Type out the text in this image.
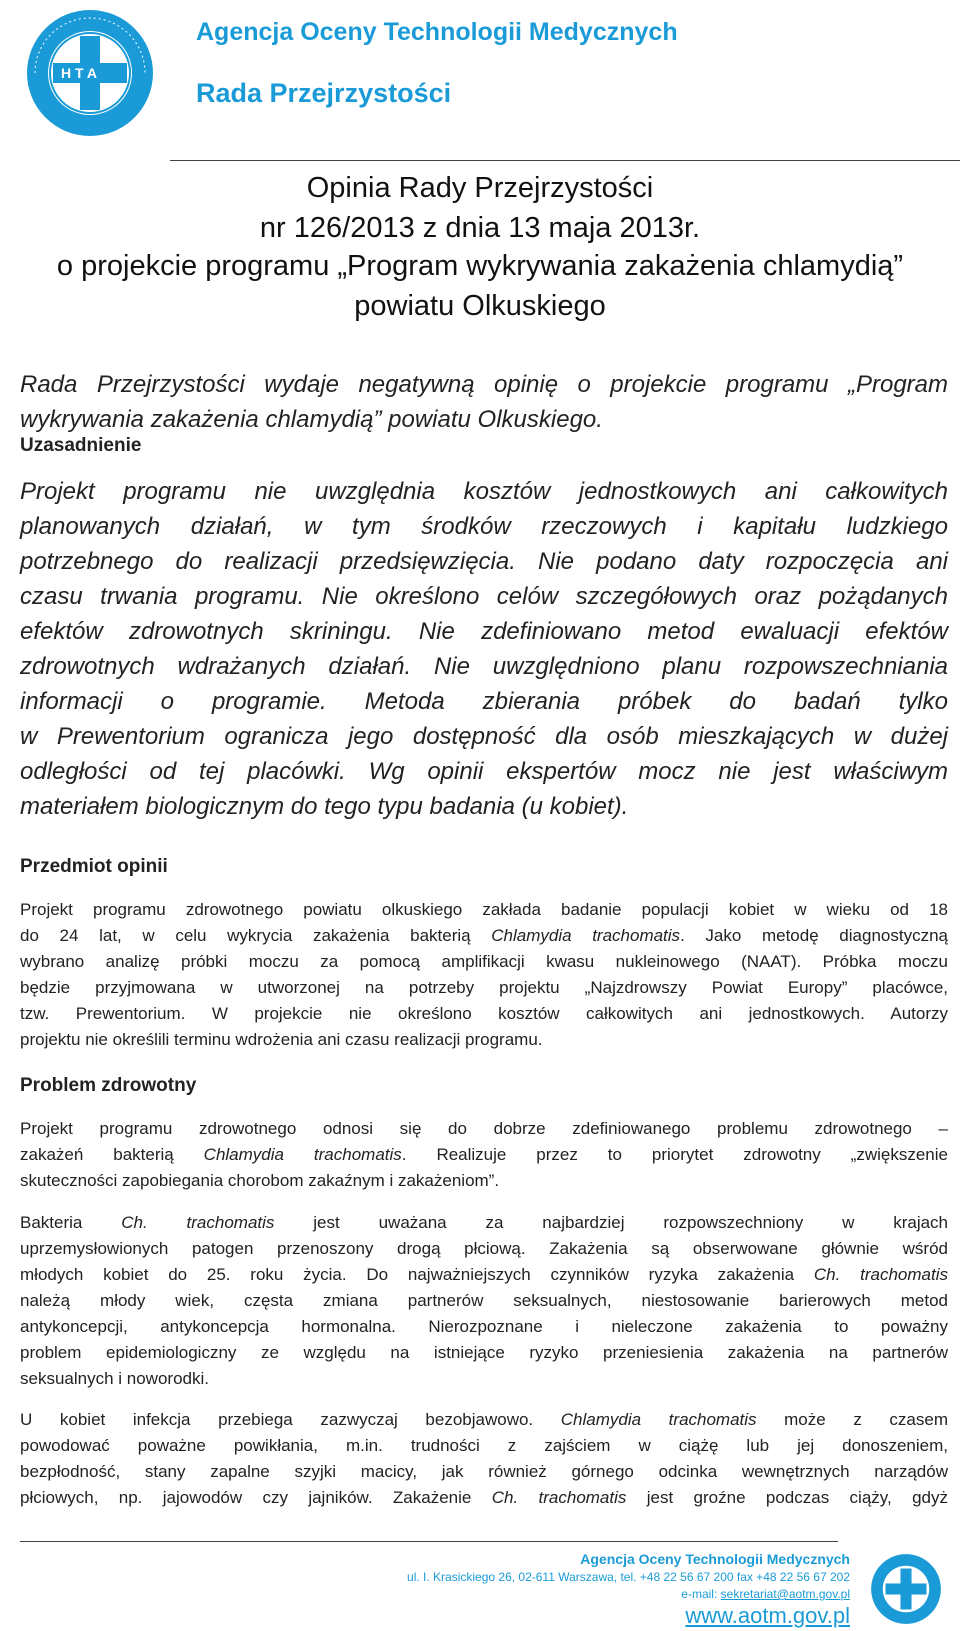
H T A
Agencja Oceny Technologii Medycznych
Rada Przejrzystości
Opinia Rady Przejrzystości
nr 126/2013 z dnia 13 maja 2013r.
o projekcie programu „Program wykrywania zakażenia chlamydią”
powiatu Olkuskiego
Rada Przejrzystości wydaje negatywną opinię o projekcie programu „Program
wykrywania zakażenia chlamydią” powiatu Olkuskiego.
Uzasadnienie
Projekt programu nie uwzględnia kosztów jednostkowych ani całkowitych
planowanych działań, w tym środków rzeczowych i kapitału ludzkiego
potrzebnego do realizacji przedsięwzięcia. Nie podano daty rozpoczęcia ani
czasu trwania programu. Nie określono celów szczegółowych oraz pożądanych
efektów zdrowotnych skriningu. Nie zdefiniowano metod ewaluacji efektów
zdrowotnych wdrażanych działań. Nie uwzględniono planu rozpowszechniania
informacji o programie. Metoda zbierania próbek do badań tylko
w Prewentorium ogranicza jego dostępność dla osób mieszkających w dużej
odległości od tej placówki. Wg opinii ekspertów mocz nie jest właściwym
materiałem biologicznym do tego typu badania (u kobiet).
Przedmiot opinii
Projekt programu zdrowotnego powiatu olkuskiego zakłada badanie populacji kobiet w wieku od 18
do 24 lat, w celu wykrycia zakażenia bakterią Chlamydia trachomatis. Jako metodę diagnostyczną
wybrano analizę próbki moczu za pomocą amplifikacji kwasu nukleinowego (NAAT). Próbka moczu
będzie przyjmowana w utworzonej na potrzeby projektu „Najzdrowszy Powiat Europy” placówce,
tzw. Prewentorium. W projekcie nie określono kosztów całkowitych ani jednostkowych. Autorzy
projektu nie określili terminu wdrożenia ani czasu realizacji programu.
Problem zdrowotny
Projekt programu zdrowotnego odnosi się do dobrze zdefiniowanego problemu zdrowotnego –
zakażeń bakterią Chlamydia trachomatis. Realizuje przez to priorytet zdrowotny „zwiększenie
skuteczności zapobiegania chorobom zakaźnym i zakażeniom”.
Bakteria Ch. trachomatis jest uważana za najbardziej rozpowszechniony w krajach
uprzemysłowionych patogen przenoszony drogą płciową. Zakażenia są obserwowane głównie wśród
młodych kobiet do 25. roku życia. Do najważniejszych czynników ryzyka zakażenia Ch. trachomatis
należą młody wiek, częsta zmiana partnerów seksualnych, niestosowanie barierowych metod
antykoncepcji, antykoncepcja hormonalna. Nierozpoznane i nieleczone zakażenia to poważny
problem epidemiologiczny ze względu na istniejące ryzyko przeniesienia zakażenia na partnerów
seksualnych i noworodki.
U kobiet infekcja przebiega zazwyczaj bezobjawowo. Chlamydia trachomatis może z czasem
powodować poważne powikłania, m.in. trudności z zajściem w ciążę lub jej donoszeniem,
bezpłodność, stany zapalne szyjki macicy, jak również górnego odcinka wewnętrznych narządów
płciowych, np. jajowodów czy jajników. Zakażenie Ch. trachomatis jest groźne podczas ciąży, gdyż
Agencja Oceny Technologii Medycznych
ul. I. Krasickiego 26, 02-611 Warszawa, tel. +48 22 56 67 200 fax +48 22 56 67 202
e-mail: sekretariat@aotm.gov.pl
www.aotm.gov.pl
